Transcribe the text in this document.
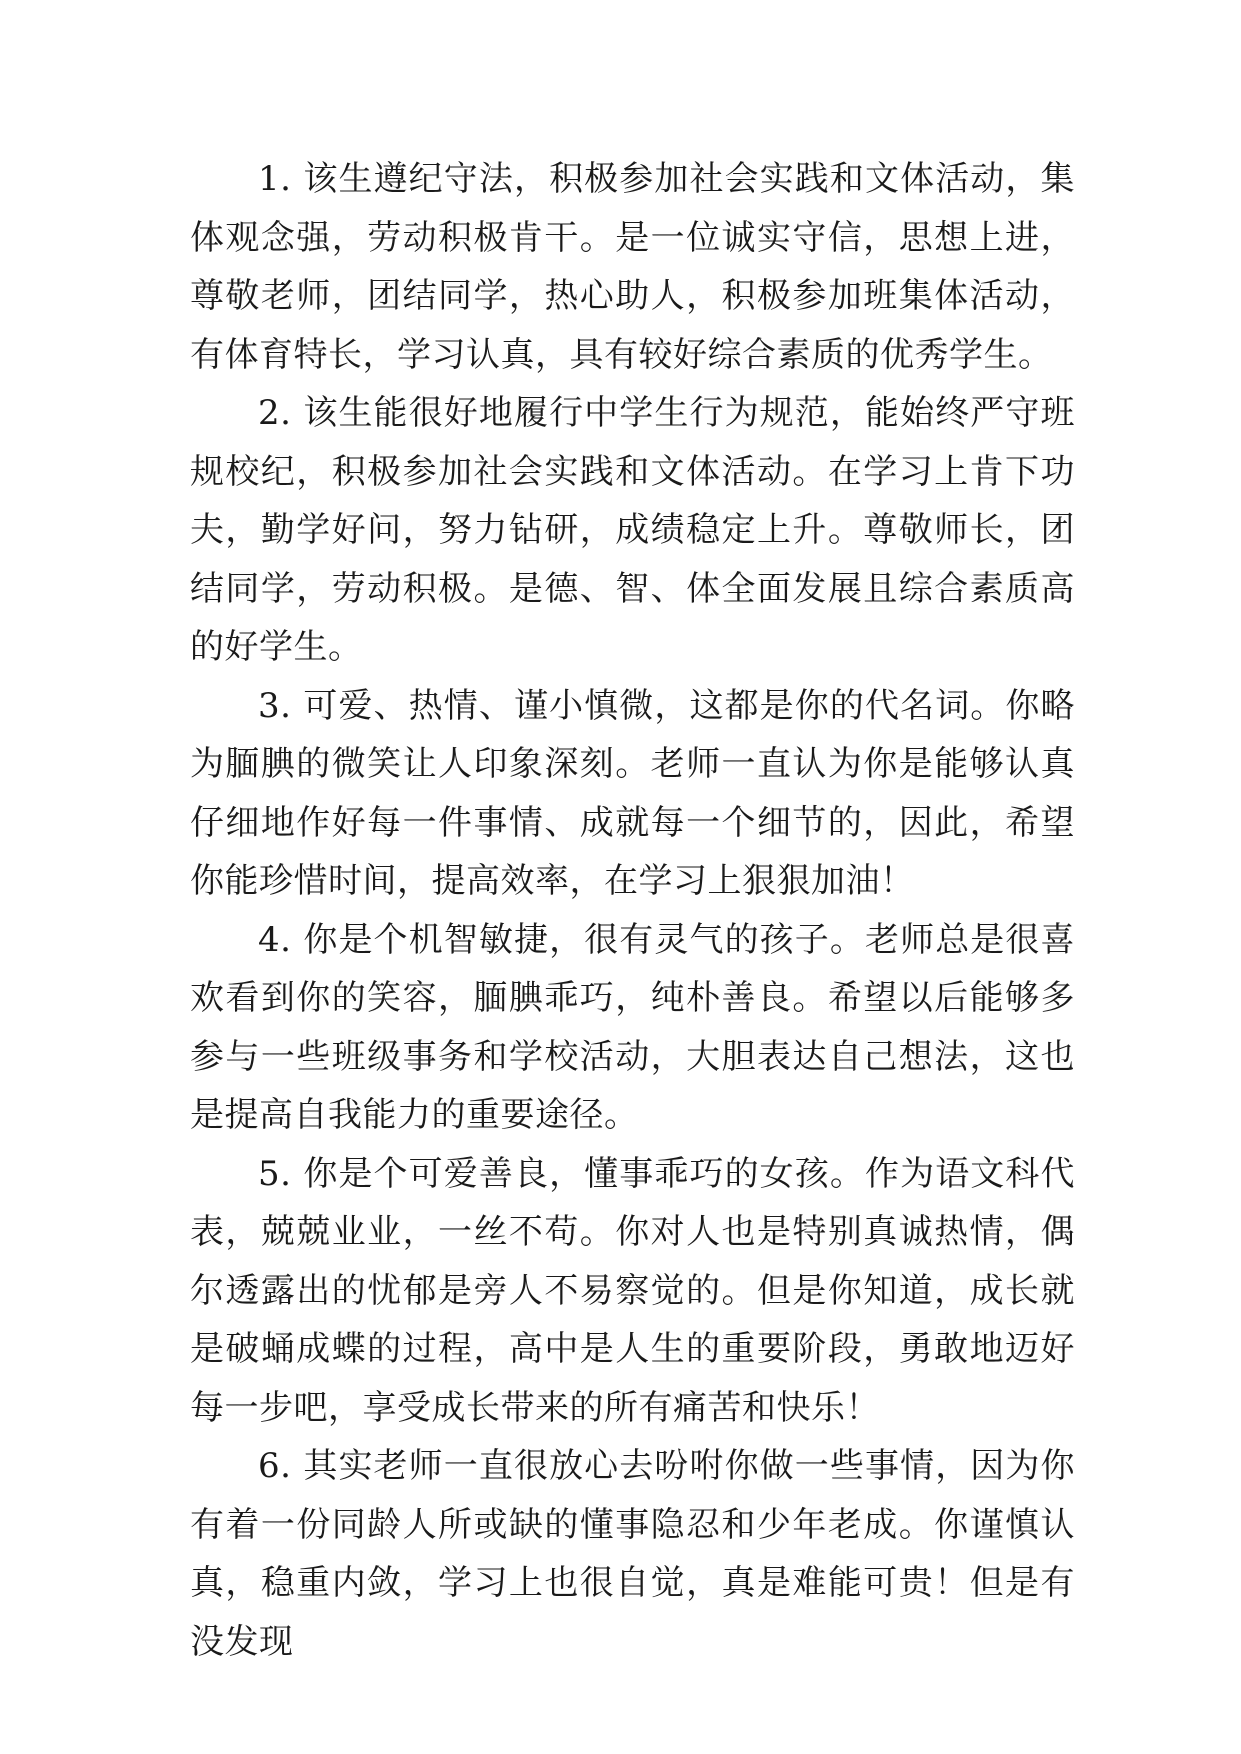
1. 该生遵纪守法，积极参加社会实践和文体活动，集体观念强，劳动积极肯干。是一位诚实守信，思想上进，尊敬老师，团结同学，热心助人，积极参加班集体活动，有体育特长，学习认真，具有较好综合素质的优秀学生。

2. 该生能很好地履行中学生行为规范，能始终严守班规校纪，积极参加社会实践和文体活动。在学习上肯下功夫，勤学好问，努力钻研，成绩稳定上升。尊敬师长，团结同学，劳动积极。是德、智、体全面发展且综合素质高的好学生。

3. 可爱、热情、谨小慎微，这都是你的代名词。你略为腼腆的微笑让人印象深刻。老师一直认为你是能够认真仔细地作好每一件事情、成就每一个细节的，因此，希望你能珍惜时间，提高效率，在学习上狠狠加油！

4. 你是个机智敏捷，很有灵气的孩子。老师总是很喜欢看到你的笑容，腼腆乖巧，纯朴善良。希望以后能够多参与一些班级事务和学校活动，大胆表达自己想法，这也是提高自我能力的重要途径。

5. 你是个可爱善良，懂事乖巧的女孩。作为语文科代表，兢兢业业，一丝不苟。你对人也是特别真诚热情，偶尔透露出的忧郁是旁人不易察觉的。但是你知道，成长就是破蛹成蝶的过程，高中是人生的重要阶段，勇敢地迈好每一步吧，享受成长带来的所有痛苦和快乐！

6. 其实老师一直很放心去吩咐你做一些事情，因为你有着一份同龄人所或缺的懂事隐忍和少年老成。你谨慎认真，稳重内敛，学习上也很自觉，真是难能可贵！但是有没发现
